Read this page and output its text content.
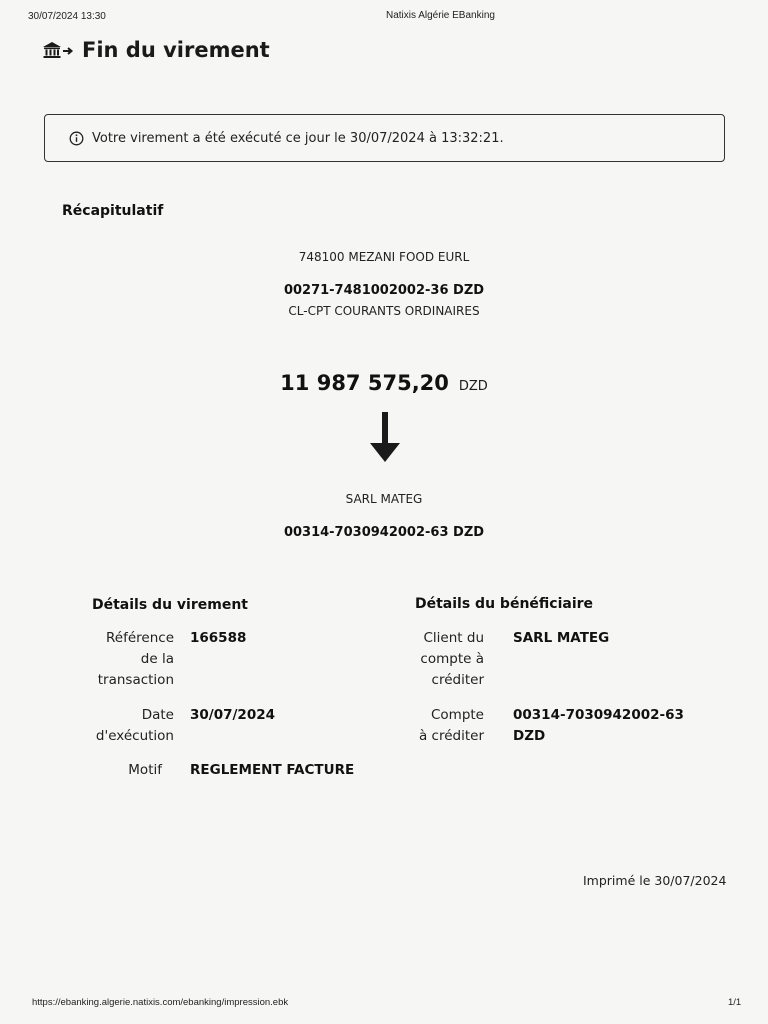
30/07/2024 13:30	Natixis Algérie EBanking
Fin du virement
Votre virement a été exécuté ce jour le 30/07/2024 à 13:32:21.
Récapitulatif
748100 MEZANI FOOD EURL
00271-7481002002-36 DZD
CL-CPT COURANTS ORDINAIRES
11 987 575,20 DZD
SARL MATEG
00314-7030942002-63 DZD
Détails du virement
Référence
de la
transaction
166588
Date
d'exécution
30/07/2024
Motif REGLEMENT FACTURE
Détails du bénéficiaire
Client du
compte à
créditer
SARL MATEG
Compte
à créditer
00314-7030942002-63
DZD
Imprimé le 30/07/2024
https://ebanking.algerie.natixis.com/ebanking/impression.ebk	1/1
